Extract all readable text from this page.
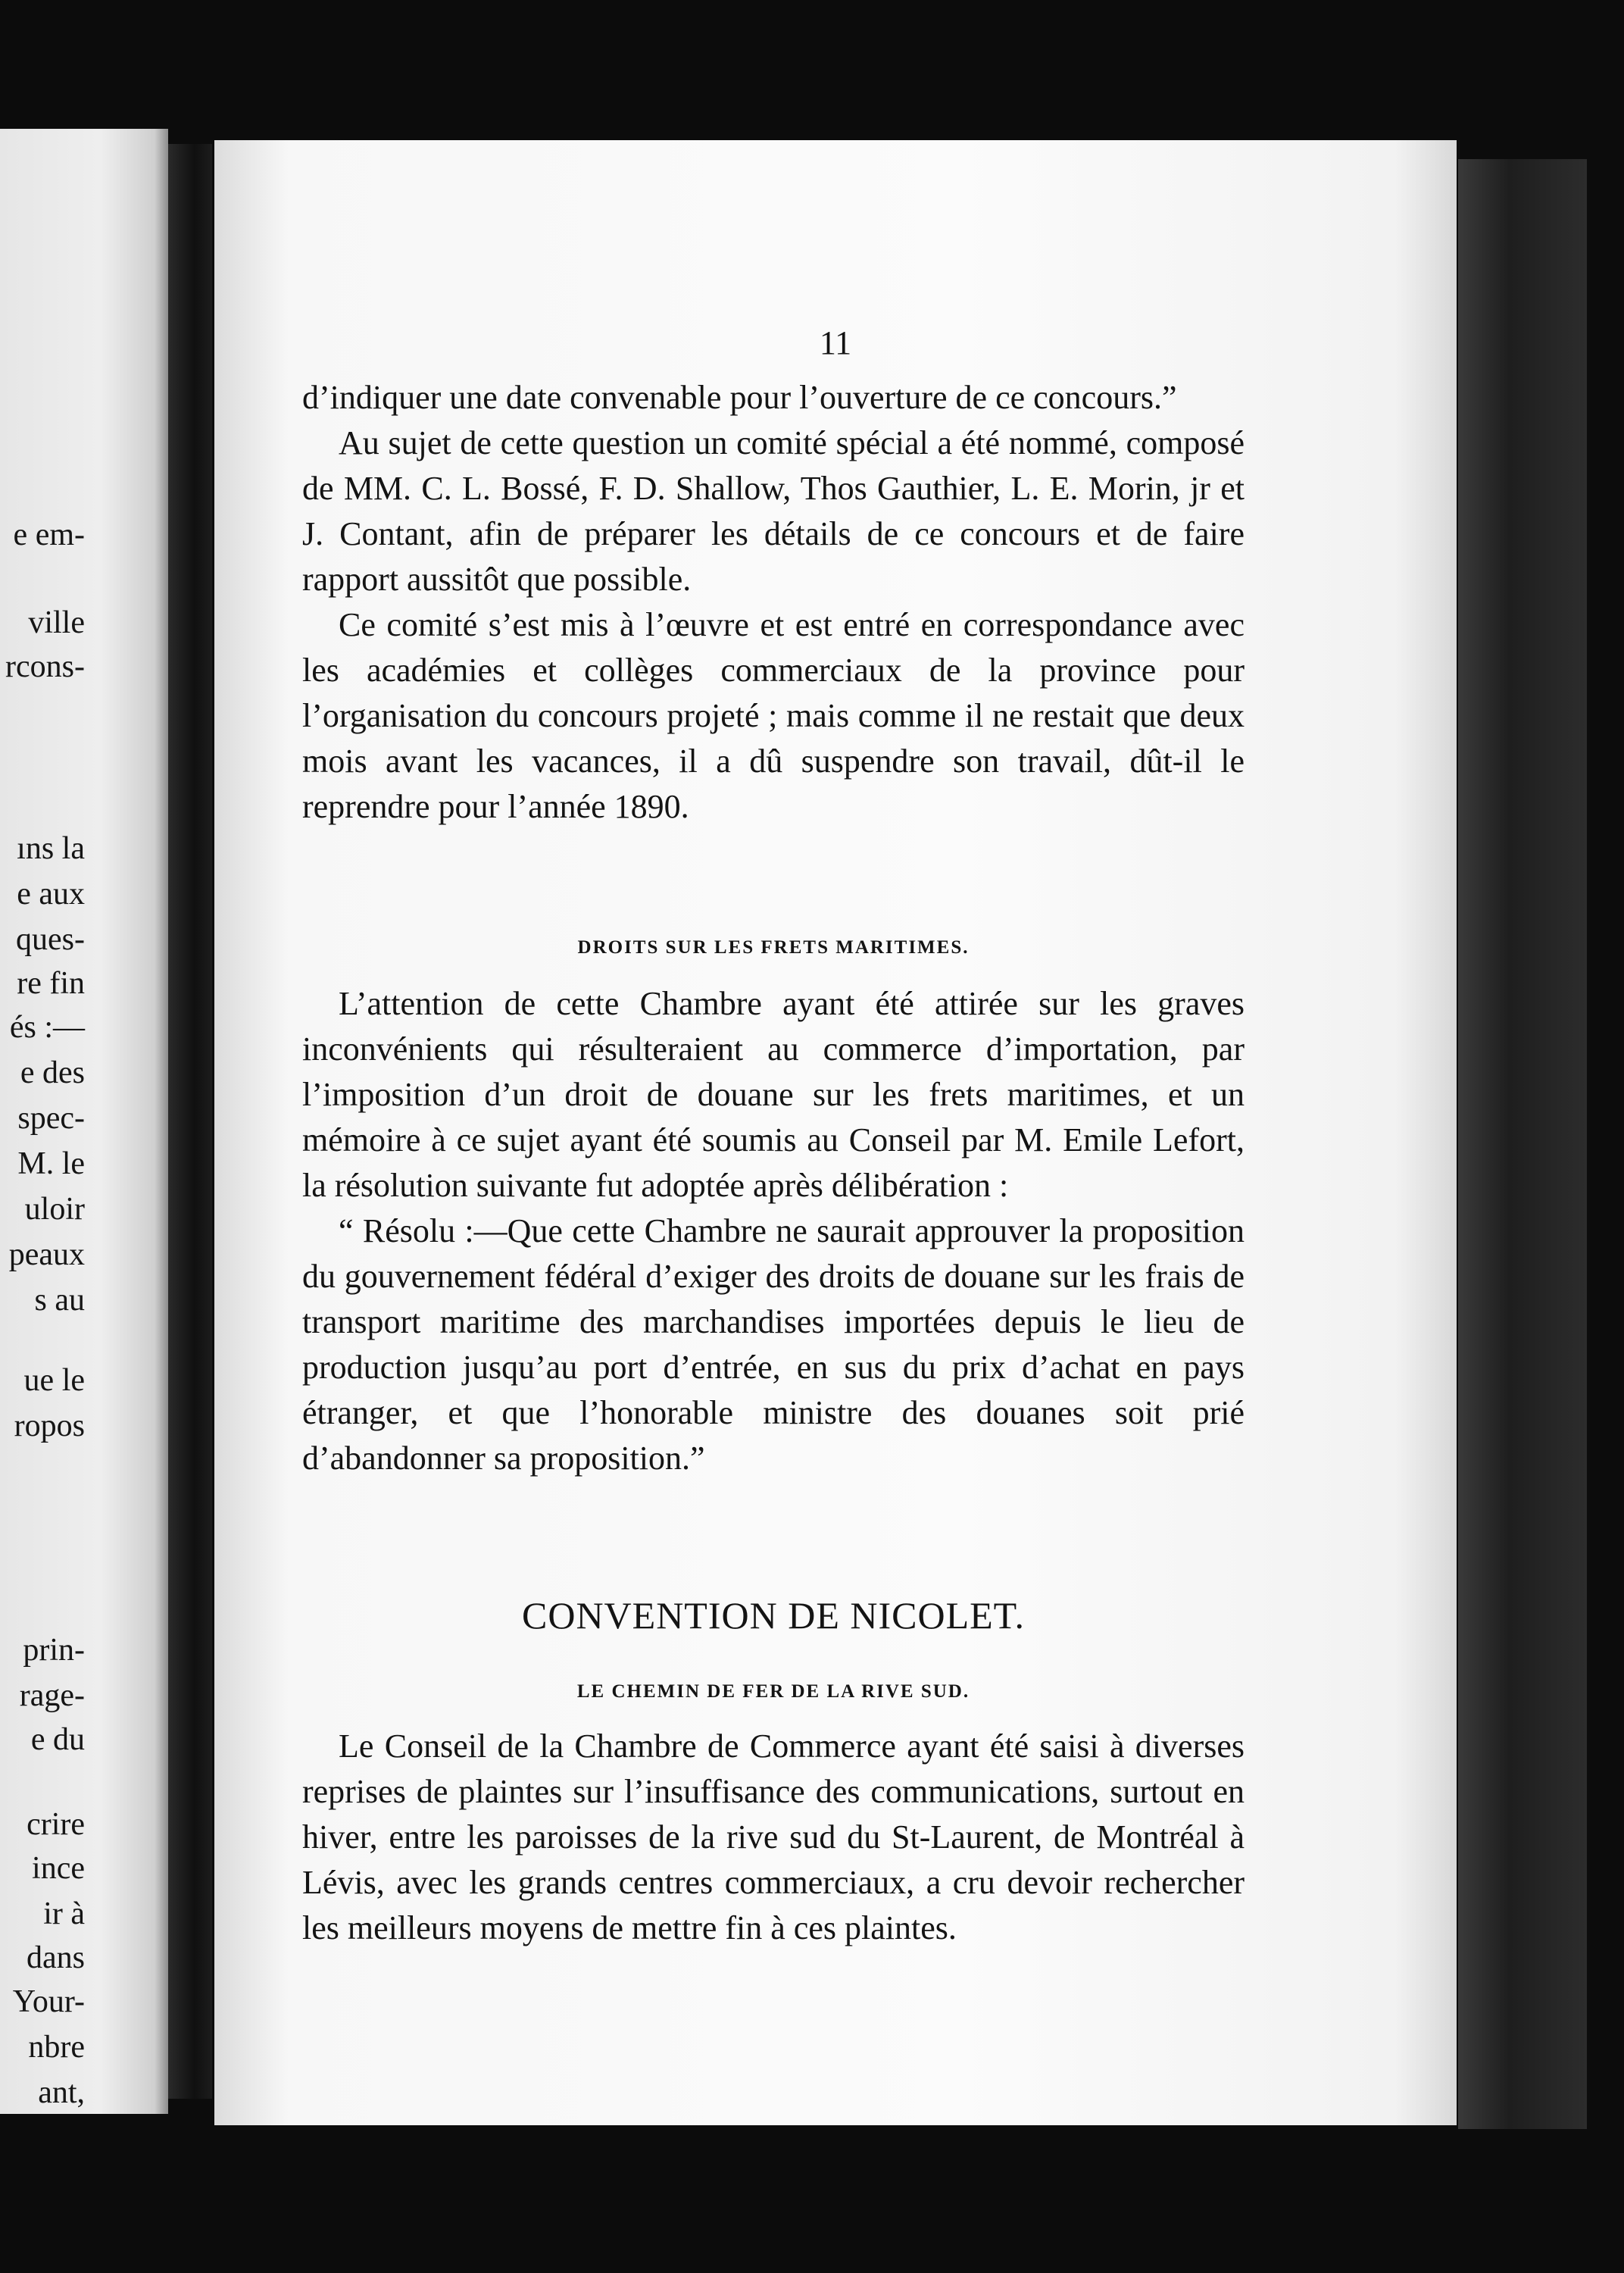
e em-
ville
rcons-
ıns la
e aux
ques-
re fin
és :—
e des
spec-
M. le
uloir
peaux
s au
ue le
ropos
prin-
rage-
e du
crire
ince
ir à
dans
Your-
nbre
ant,
11

d’indiquer une date convenable pour l’ouverture de ce concours.”

Au sujet de cette question un comité spécial a été nommé, composé de MM. C. L. Bossé, F. D. Shallow, Thos Gauthier, L. E. Morin, jr et J. Contant, afin de préparer les détails de ce concours et de faire rapport aussitôt que possible.

Ce comité s’est mis à l’œuvre et est entré en correspondance avec les académies et collèges commerciaux de la province pour l’organisation du concours projeté ; mais comme il ne restait que deux mois avant les vacances, il a dû suspendre son travail, dût-il le reprendre pour l’année 1890.

DROITS SUR LES FRETS MARITIMES.

L’attention de cette Chambre ayant été attirée sur les graves inconvénients qui résulteraient au commerce d’importation, par l’imposition d’un droit de douane sur les frets maritimes, et un mémoire à ce sujet ayant été soumis au Conseil par M. Emile Lefort, la résolution suivante fut adoptée après délibération :

“ Résolu :—Que cette Chambre ne saurait approuver la proposition du gouvernement fédéral d’exiger des droits de douane sur les frais de transport maritime des marchandises importées depuis le lieu de production jusqu’au port d’entrée, en sus du prix d’achat en pays étranger, et que l’honorable ministre des douanes soit prié d’abandonner sa proposition.”

CONVENTION DE NICOLET.

LE CHEMIN DE FER DE LA RIVE SUD.

Le Conseil de la Chambre de Commerce ayant été saisi à diverses reprises de plaintes sur l’insuffisance des communications, surtout en hiver, entre les paroisses de la rive sud du St-Laurent, de Montréal à Lévis, avec les grands centres commerciaux, a cru devoir rechercher les meilleurs moyens de mettre fin à ces plaintes.
